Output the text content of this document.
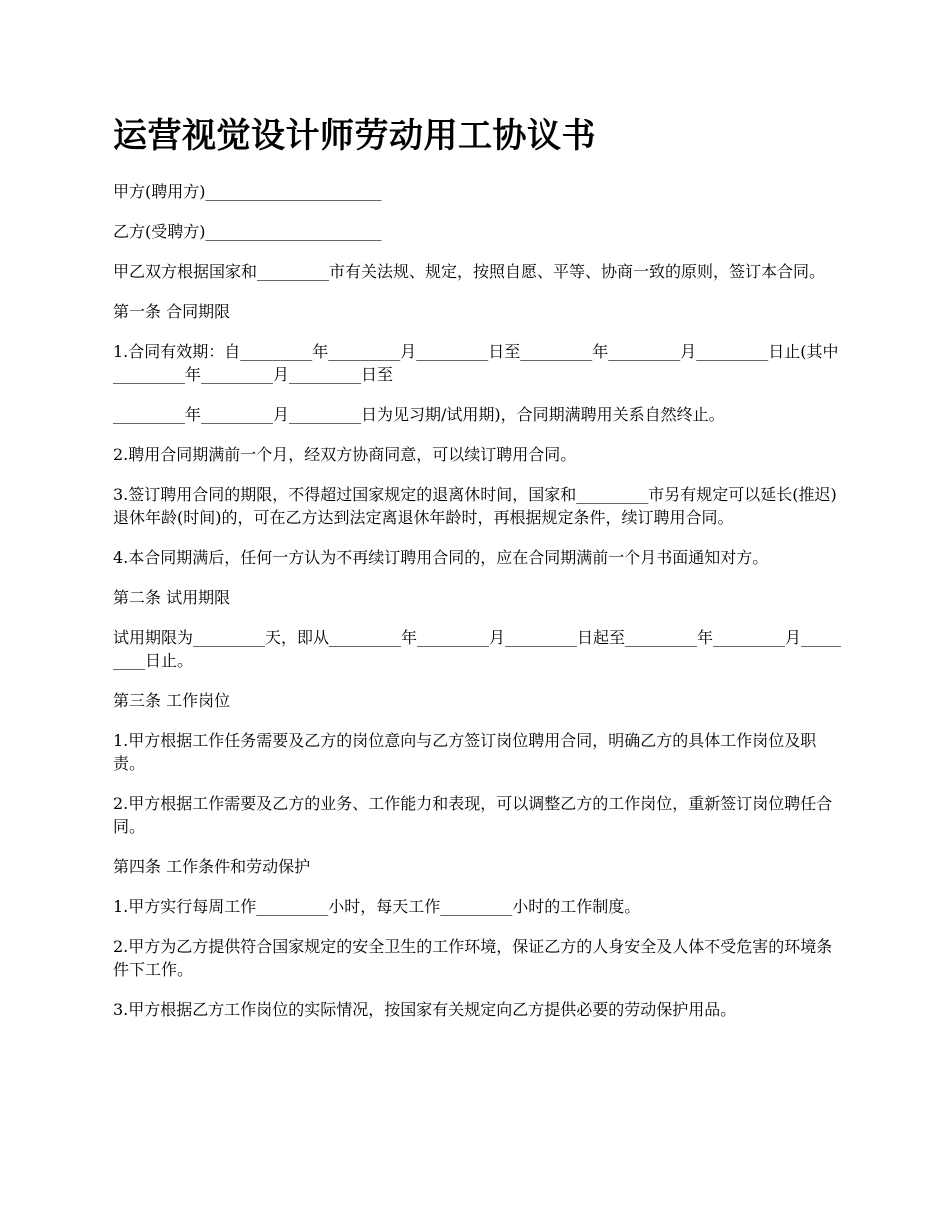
运营视觉设计师劳动用工协议书

甲方(聘用方)______________________

乙方(受聘方)______________________

甲乙双方根据国家和_________市有关法规、规定，按照自愿、平等、协商一致的原则，签订本合同。

第一条 合同期限

1.合同有效期：自_________年_________月_________日至_________年_________月_________日止(其中_________年_________月_________日至

_________年_________月_________日为见习期/试用期)，合同期满聘用关系自然终止。

2.聘用合同期满前一个月，经双方协商同意，可以续订聘用合同。

3.签订聘用合同的期限，不得超过国家规定的退离休时间，国家和_________市另有规定可以延长(推迟)退休年龄(时间)的，可在乙方达到法定离退休年龄时，再根据规定条件，续订聘用合同。

4.本合同期满后，任何一方认为不再续订聘用合同的，应在合同期满前一个月书面通知对方。

第二条 试用期限

试用期限为_________天，即从_________年_________月_________日起至_________年_________月_________日止。

第三条 工作岗位

1.甲方根据工作任务需要及乙方的岗位意向与乙方签订岗位聘用合同，明确乙方的具体工作岗位及职责。

2.甲方根据工作需要及乙方的业务、工作能力和表现，可以调整乙方的工作岗位，重新签订岗位聘任合同。

第四条 工作条件和劳动保护

1.甲方实行每周工作_________小时，每天工作_________小时的工作制度。

2.甲方为乙方提供符合国家规定的安全卫生的工作环境，保证乙方的人身安全及人体不受危害的环境条件下工作。

3.甲方根据乙方工作岗位的实际情况，按国家有关规定向乙方提供必要的劳动保护用品。
